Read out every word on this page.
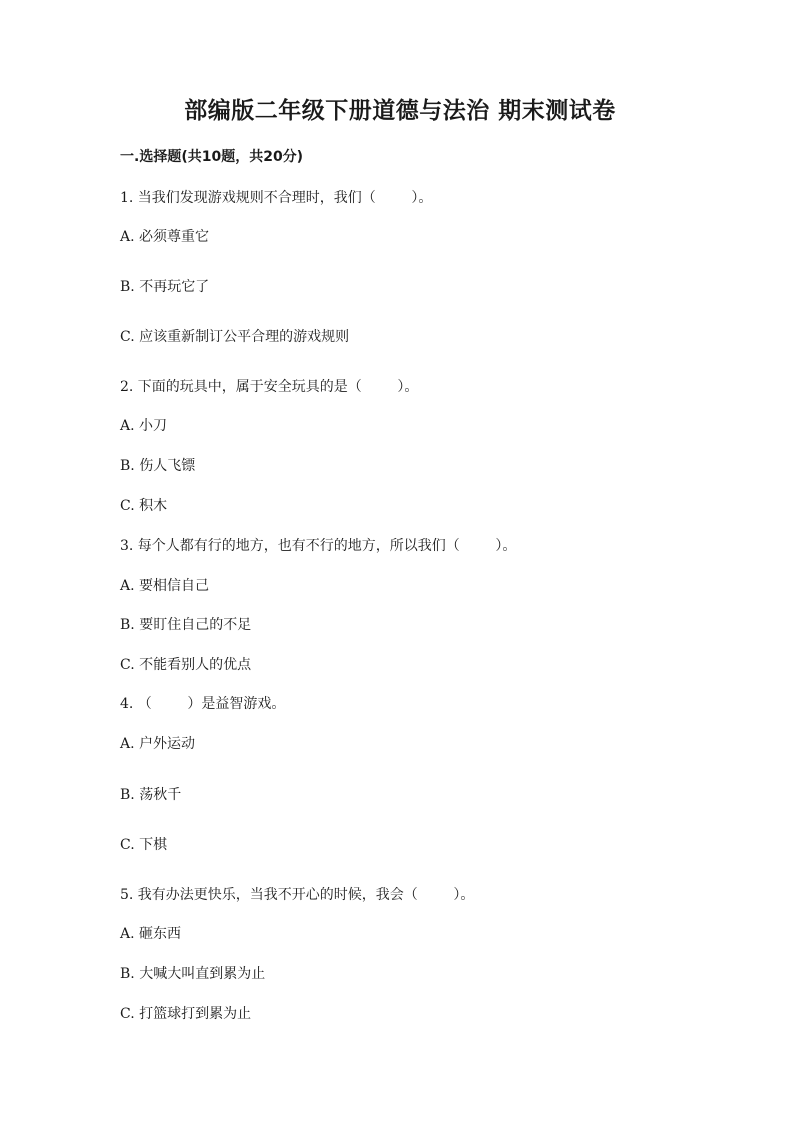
部编版二年级下册道德与法治 期末测试卷
一.选择题(共10题，共20分)
1. 当我们发现游戏规则不合理时，我们（        ）。
A. 必须尊重它
B. 不再玩它了
C. 应该重新制订公平合理的游戏规则
2. 下面的玩具中，属于安全玩具的是（        ）。
A. 小刀
B. 伤人飞镖
C. 积木
3. 每个人都有行的地方，也有不行的地方，所以我们（        ）。
A. 要相信自己
B. 要盯住自己的不足
C. 不能看别人的优点
4. （        ）是益智游戏。
A. 户外运动
B. 荡秋千
C. 下棋
5. 我有办法更快乐，当我不开心的时候，我会（        ）。
A. 砸东西
B. 大喊大叫直到累为止
C. 打篮球打到累为止
